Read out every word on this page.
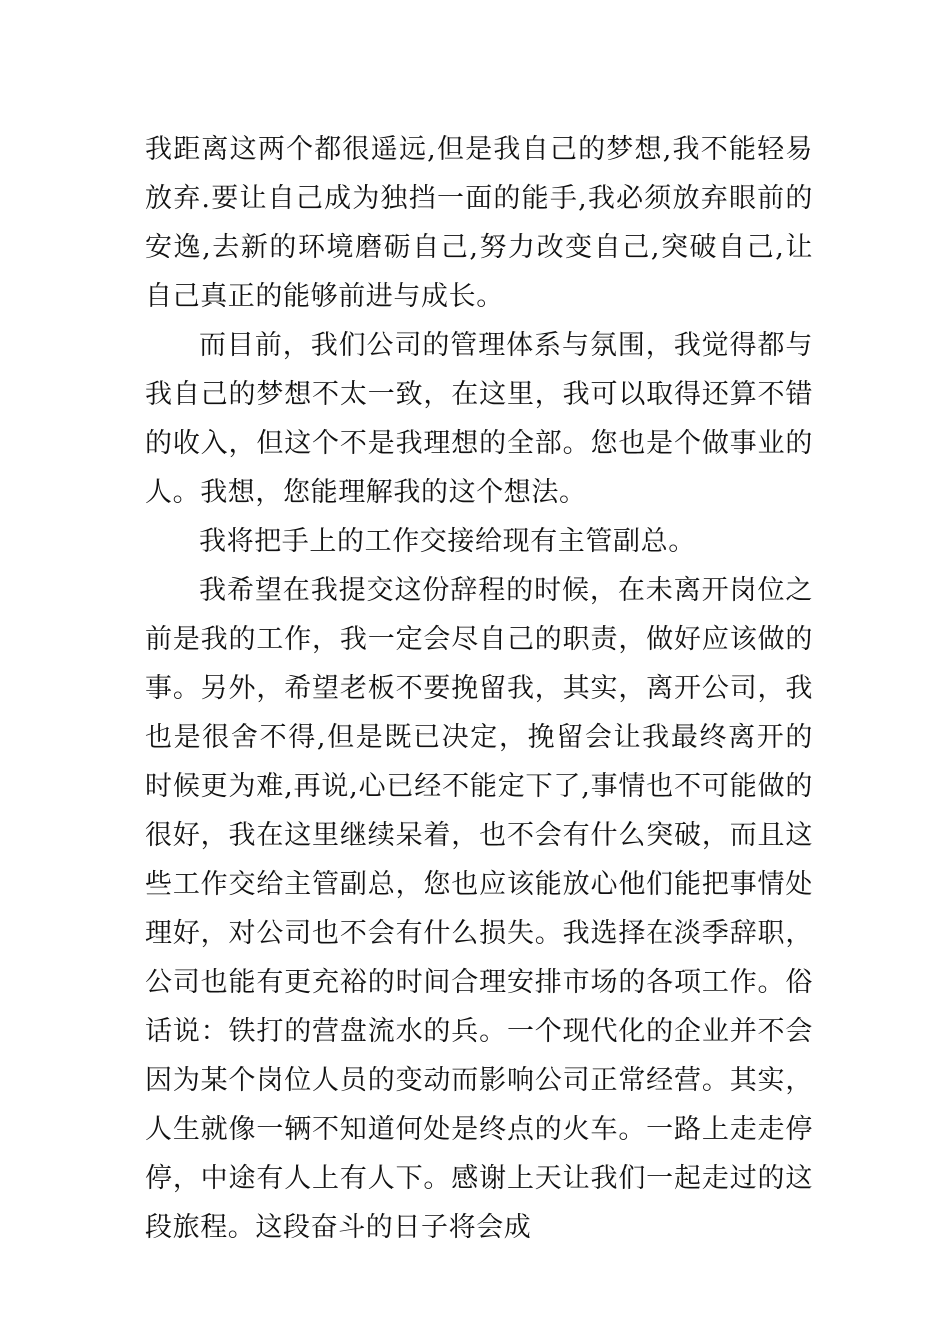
我距离这两个都很遥远,但是我自己的梦想,我不能轻易放弃.要让自己成为独挡一面的能手,我必须放弃眼前的安逸,去新的环境磨砺自己,努力改变自己,突破自己,让自己真正的能够前进与成长。

而目前，我们公司的管理体系与氛围，我觉得都与我自己的梦想不太一致，在这里，我可以取得还算不错的收入，但这个不是我理想的全部。您也是个做事业的人。我想，您能理解我的这个想法。

我将把手上的工作交接给现有主管副总。

我希望在我提交这份辞程的时候，在未离开岗位之前是我的工作，我一定会尽自己的职责，做好应该做的事。另外，希望老板不要挽留我，其实，离开公司，我也是很舍不得,但是既已决定，挽留会让我最终离开的时候更为难,再说,心已经不能定下了,事情也不可能做的很好，我在这里继续呆着，也不会有什么突破，而且这些工作交给主管副总，您也应该能放心他们能把事情处理好，对公司也不会有什么损失。我选择在淡季辞职，公司也能有更充裕的时间合理安排市场的各项工作。俗话说：铁打的营盘流水的兵。一个现代化的企业并不会因为某个岗位人员的变动而影响公司正常经营。其实，人生就像一辆不知道何处是终点的火车。一路上走走停停，中途有人上有人下。感谢上天让我们一起走过的这段旅程。这段奋斗的日子将会成
